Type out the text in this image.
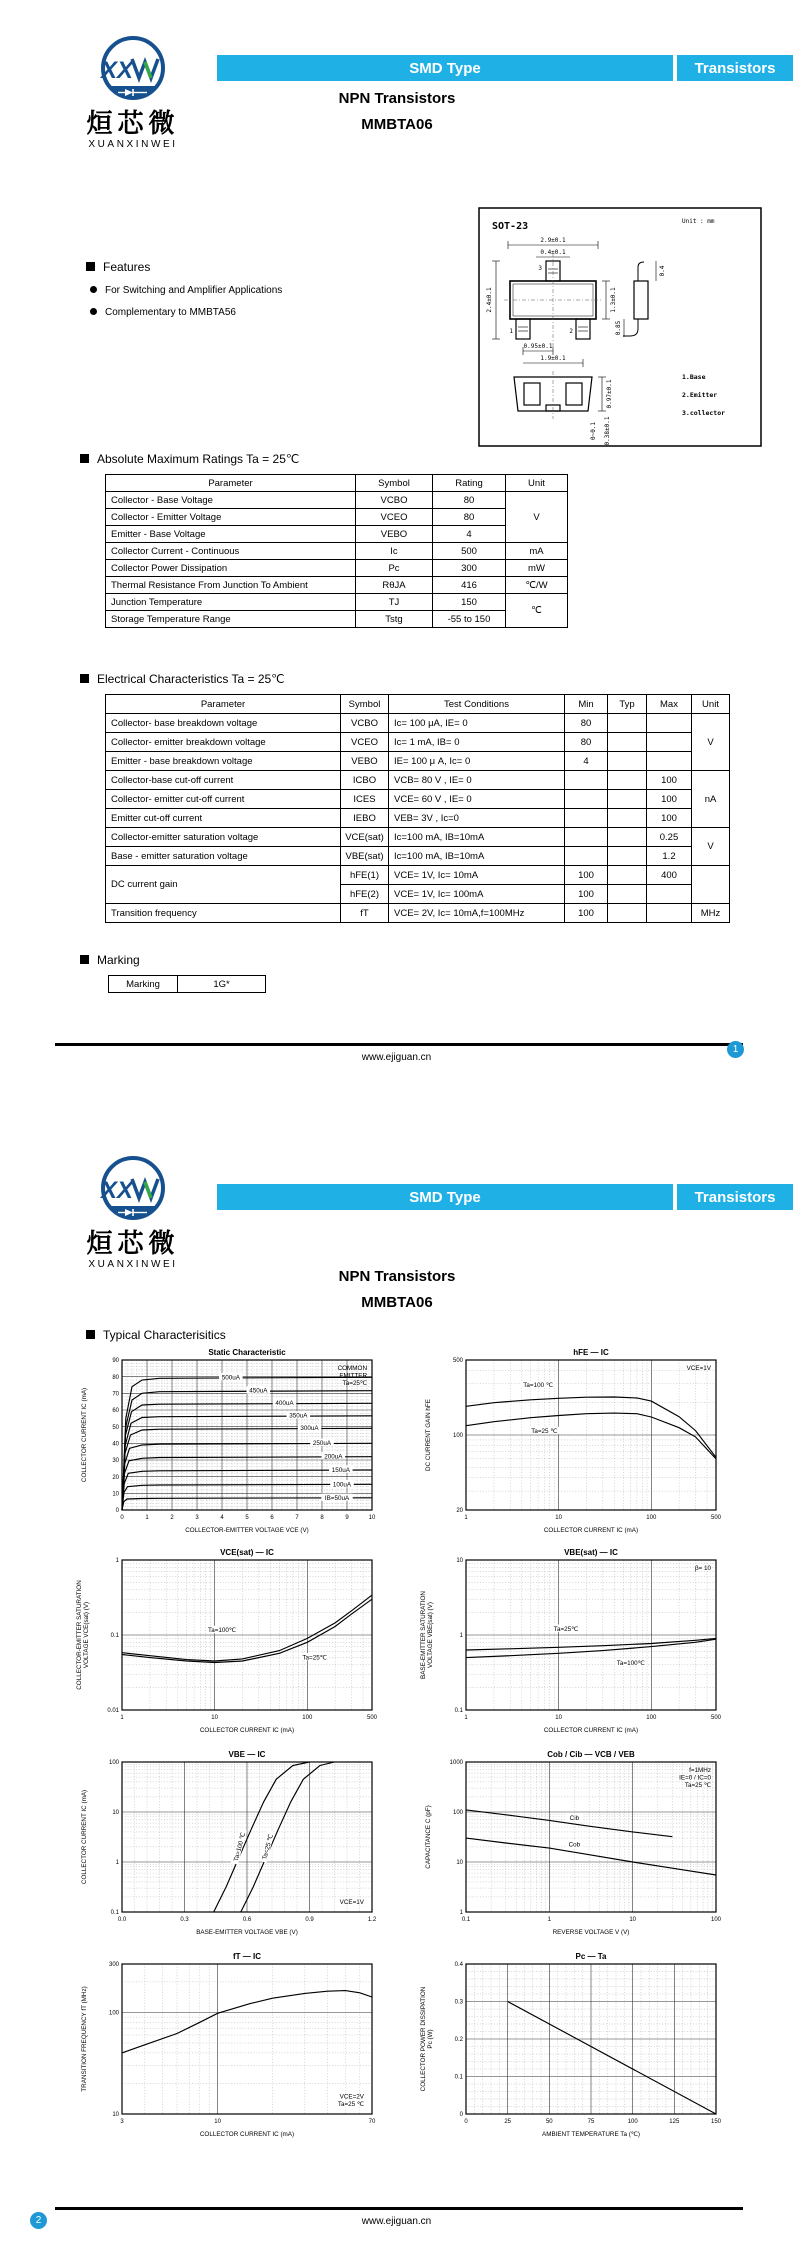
XX
烜芯微
XUANXINWEI
SMD Type	Transistors
NPN Transistors
MMBTA06
Features
For Switching and Amplifier Applications
Complementary to MMBTA56
SOT-23	Unit : mm
2.9±0.1
0.4±0.1
2.4±0.1
3
1	2
1.3±0.1
0.95±0.1
1.9±0.1
0.4
0.85
0.97±0.1
0~0.1 0.38±0.1
1.Base
2.Emitter
3.collector
Absolute Maximum Ratings Ta = 25℃
Parameter	Symbol	Rating	Unit
Collector - Base Voltage	VCBO	80	V
Collector - Emitter Voltage	VCEO	80	
Emitter - Base Voltage	VEBO	4	
Collector Current - Continuous	Ic	500	mA
Collector Power Dissipation	Pc	300	mW
Thermal Resistance From Junction To Ambient	RθJA	416	℃/W
Junction Temperature	TJ	150	℃
Storage Temperature Range	Tstg	-55 to 150	
Electrical Characteristics Ta = 25℃
Parameter	Symbol	Test Conditions	Min	Typ	Max	Unit
Collector- base breakdown voltage	VCBO	Ic= 100 μA, IE= 0	80			V
Collector- emitter breakdown voltage	VCEO	Ic= 1 mA, IB= 0	80			
Emitter - base breakdown voltage	VEBO	IE= 100 μ A, Ic= 0	4			
Collector-base cut-off current	ICBO	VCB= 80 V , IE= 0			100	nA
Collector- emitter cut-off current	ICES	VCE= 60 V , IE= 0			100	
Emitter cut-off current	IEBO	VEB= 3V , Ic=0			100	
Collector-emitter saturation voltage	VCE(sat)	Ic=100 mA, IB=10mA			0.25	V
Base - emitter saturation voltage	VBE(sat)	Ic=100 mA, IB=10mA			1.2	
DC current gain	hFE(1)	VCE= 1V, Ic= 10mA	100		400	
	hFE(2)	VCE= 1V, Ic= 100mA	100			
Transition frequency	fT	VCE= 2V, Ic= 10mA,f=100MHz	100			MHz
Marking
Marking	1G*
www.ejiguan.cn
1
XX
烜芯微
XUANXINWEI
SMD Type	Transistors
NPN Transistors
MMBTA06
Typical Characterisitics
500uA
450uA
400uA
350uA
300uA
250uA
200uA
150uA
100uA
IB=50uA
0	1	2	3	4	5	6	7	8	9	10
0
10
20
30
40
50
60
70
80
90
COLLECTOR-EMITTER VOLTAGE VCE (V)
COLLECTOR CURRENT IC (mA)
COMMON
EMITTER
Ta=25℃
Static Characteristic
Ta=100 ℃
Ta=25 ℃
1	10	100	500
20
100
500
COLLECTOR CURRENT IC (mA)
DC CURRENT GAIN hFE
VCE=1V
hFE ― IC
Ta=100℃
Ta=25℃
1	10	100	500
0.01
0.1
1
COLLECTOR CURRENT IC (mA)
COLLECTOR-EMITTER SATURATION VOLTAGE VCE(sat) (V)
VCE(sat) ― IC
Ta=25℃
Ta=100℃
1	10	100	500
0.1
1
10
COLLECTOR CURRENT IC (mA)
BASE-EMITTER SATURATION VOLTAGE VBE(sat) (V)
β= 10
VBE(sat) ― IC
Ta=100 ℃ Ta=25 ℃
0.0	0.3	0.6	0.9	1.2
0.1
1
10
100
BASE-EMITTER VOLTAGE VBE (V)
COLLECTOR CURRENT IC (mA)
VCE=1V
VBE ― IC
Cib
Cob
0.1	1	10	100
1
10
100
1000
REVERSE VOLTAGE V (V)
CAPACITANCE C (pF)
f=1MHz
IE=0 / IC=0
Ta=25 ℃
Cob / Cib ― VCB / VEB
3	10	70
10
100
300
COLLECTOR CURRENT IC (mA)
TRANSITION FREQUENCY fT (MHz)
VCE=2V
Ta=25 ℃
fT ― IC
0	25	50	75	100	125	150
0
0.1
0.2
0.3
0.4
AMBIENT TEMPERATURE Ta (℃)
COLLECTOR POWER DISSIPATION Pc (W)
Pc ― Ta
www.ejiguan.cn
2
